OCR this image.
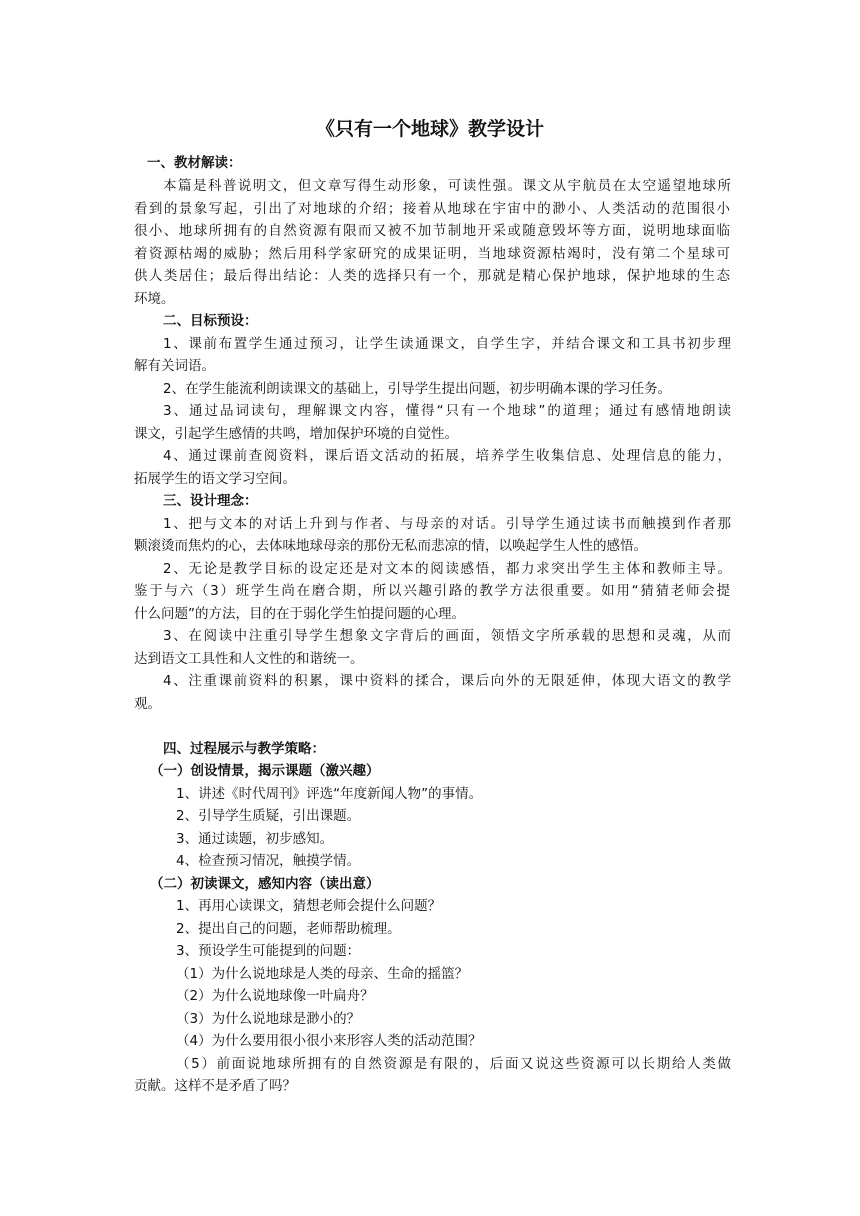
《只有一个地球》教学设计
一、教材解读：
本篇是科普说明文，但文章写得生动形象，可读性强。课文从宇航员在太空遥望地球所
看到的景象写起，引出了对地球的介绍；接着从地球在宇宙中的渺小、人类活动的范围很小
很小、地球所拥有的自然资源有限而又被不加节制地开采或随意毁坏等方面，说明地球面临
着资源枯竭的威胁；然后用科学家研究的成果证明，当地球资源枯竭时，没有第二个星球可
供人类居住；最后得出结论：人类的选择只有一个，那就是精心保护地球，保护地球的生态
环境。
二、目标预设：
1、课前布置学生通过预习，让学生读通课文，自学生字，并结合课文和工具书初步理
解有关词语。
2、在学生能流利朗读课文的基础上，引导学生提出问题，初步明确本课的学习任务。
3、通过品词读句，理解课文内容，懂得“只有一个地球”的道理；通过有感情地朗读
课文，引起学生感情的共鸣，增加保护环境的自觉性。
4、通过课前查阅资料，课后语文活动的拓展，培养学生收集信息、处理信息的能力，
拓展学生的语文学习空间。
三、设计理念：
1、把与文本的对话上升到与作者、与母亲的对话。引导学生通过读书而触摸到作者那
颗滚烫而焦灼的心，去体味地球母亲的那份无私而悲凉的情，以唤起学生人性的感悟。
2、无论是教学目标的设定还是对文本的阅读感悟，都力求突出学生主体和教师主导。
鉴于与六（3）班学生尚在磨合期，所以兴趣引路的教学方法很重要。如用“猜猜老师会提
什么问题”的方法，目的在于弱化学生怕提问题的心理。
3、在阅读中注重引导学生想象文字背后的画面，领悟文字所承载的思想和灵魂，从而
达到语文工具性和人文性的和谐统一。
4、注重课前资料的积累，课中资料的揉合，课后向外的无限延伸，体现大语文的教学
观。
四、过程展示与教学策略：
（一）创设情景，揭示课题（激兴趣）
1、讲述《时代周刊》评选“年度新闻人物”的事情。
2、引导学生质疑，引出课题。
3、通过读题，初步感知。
4、检查预习情况，触摸学情。
（二）初读课文，感知内容（读出意）
1、再用心读课文，猜想老师会提什么问题？
2、提出自己的问题，老师帮助梳理。
3、预设学生可能提到的问题：
（1）为什么说地球是人类的母亲、生命的摇篮？
（2）为什么说地球像一叶扁舟？
（3）为什么说地球是渺小的？
（4）为什么要用很小很小来形容人类的活动范围？
（5）前面说地球所拥有的自然资源是有限的，后面又说这些资源可以长期给人类做
贡献。这样不是矛盾了吗？
